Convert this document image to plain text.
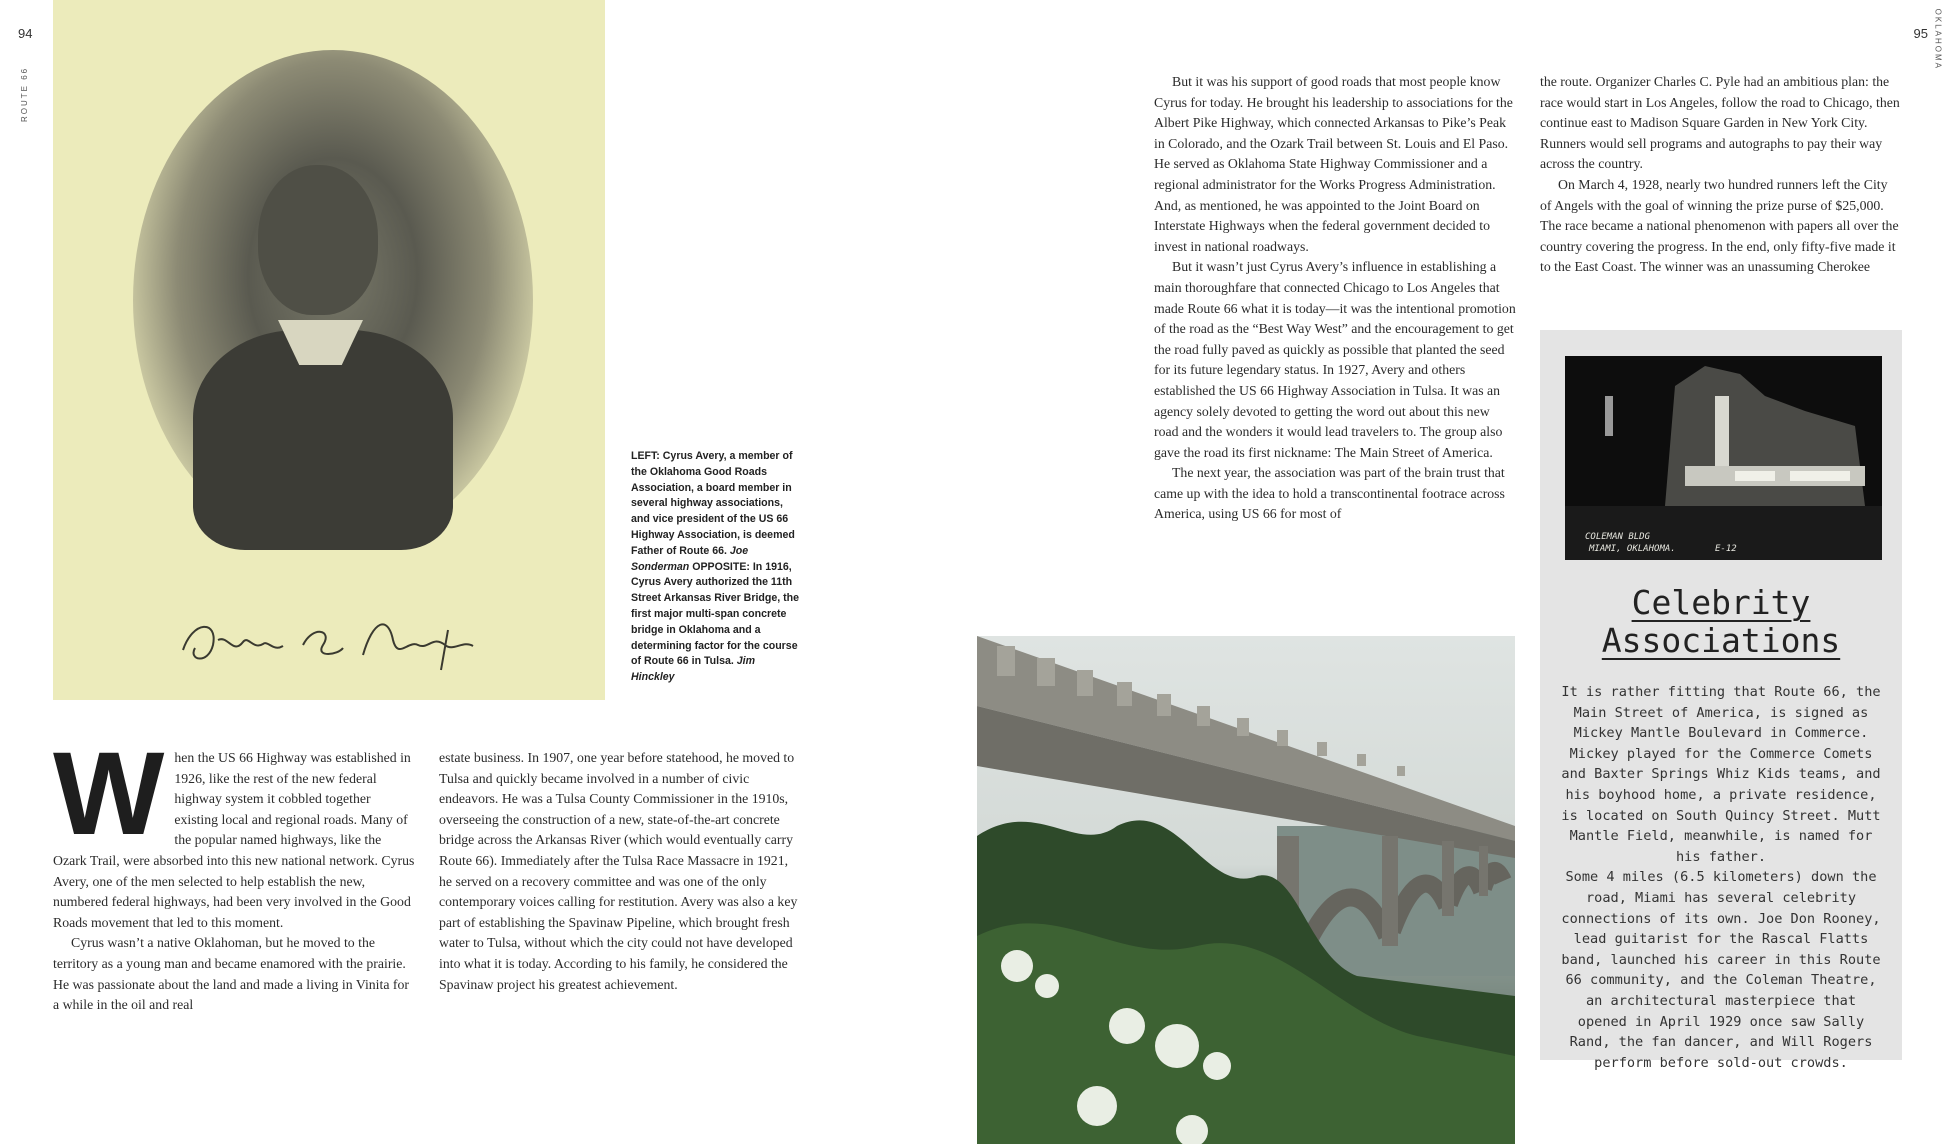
94	95
ROUTE 66
OKLAHOMA
LEFT: Cyrus Avery, a member of the Oklahoma Good Roads Association, a board member in several highway associations, and vice president of the US 66 Highway Association, is deemed Father of Route 66. Joe Sonderman OPPOSITE: In 1916, Cyrus Avery authorized the 11th Street Arkansas River Bridge, the first major multi-span concrete bridge in Oklahoma and a determining factor for the course of Route 66 in Tulsa. Jim Hinckley

W hen the US 66 Highway was established in 1926, like the rest of the new federal highway system it cobbled together existing local and regional roads. Many of the popular named highways, like the Ozark Trail, were absorbed into this new national network. Cyrus Avery, one of the men selected to help establish the new, numbered federal highways, had been very involved in the Good Roads movement that led to this moment.

Cyrus wasn’t a native Oklahoman, but he moved to the territory as a young man and became enamored with the prairie. He was passionate about the land and made a living in Vinita for a while in the oil and real

estate business. In 1907, one year before statehood, he moved to Tulsa and quickly became involved in a number of civic endeavors. He was a Tulsa County Commissioner in the 1910s, overseeing the construction of a new, state-of-the-art concrete bridge across the Arkansas River (which would eventually carry Route 66). Immediately after the Tulsa Race Massacre in 1921, he served on a recovery committee and was one of the only contemporary voices calling for restitution. Avery was also a key part of establishing the Spavinaw Pipeline, which brought fresh water to Tulsa, without which the city could not have developed into what it is today. According to his family, he considered the Spavinaw project his greatest achievement.

But it was his support of good roads that most people know Cyrus for today. He brought his leadership to associations for the Albert Pike Highway, which connected Arkansas to Pike’s Peak in Colorado, and the Ozark Trail between St. Louis and El Paso. He served as Oklahoma State Highway Commissioner and a regional administrator for the Works Progress Administration. And, as mentioned, he was appointed to the Joint Board on Interstate Highways when the federal government decided to invest in national roadways.

But it wasn’t just Cyrus Avery’s influence in establishing a main thoroughfare that connected Chicago to Los Angeles that made Route 66 what it is today—it was the intentional promotion of the road as the “Best Way West” and the encouragement to get the road fully paved as quickly as possible that planted the seed for its future legendary status. In 1927, Avery and others established the US 66 Highway Association in Tulsa. It was an agency solely devoted to getting the word out about this new road and the wonders it would lead travelers to. The group also gave the road its first nickname: The Main Street of America.

The next year, the association was part of the brain trust that came up with the idea to hold a transcontinental footrace across America, using US 66 for most of

the route. Organizer Charles C. Pyle had an ambitious plan: the race would start in Los Angeles, follow the road to Chicago, then continue east to Madison Square Garden in New York City. Runners would sell programs and autographs to pay their way across the country.

On March 4, 1928, nearly two hundred runners left the City of Angels with the goal of winning the prize purse of $25,000. The race became a national phenomenon with papers all over the country covering the progress. In the end, only fifty-five made it to the East Coast. The winner was an unassuming Cherokee

COLEMAN BLDG
MIAMI, OKLAHOMA.	E-12
Celebrity
Associations

It is rather fitting that Route 66, the Main Street of America, is signed as Mickey Mantle Boulevard in Commerce. Mickey played for the Commerce Comets and Baxter Springs Whiz Kids teams, and his boyhood home, a private residence, is located on South Quincy Street. Mutt Mantle Field, meanwhile, is named for his father.

Some 4 miles (6.5 kilometers) down the road, Miami has several celebrity connections of its own. Joe Don Rooney, lead guitarist for the Rascal Flatts band, launched his career in this Route 66 community, and the Coleman Theatre, an architectural masterpiece that opened in April 1929 once saw Sally Rand, the fan dancer, and Will Rogers perform before sold-out crowds.
